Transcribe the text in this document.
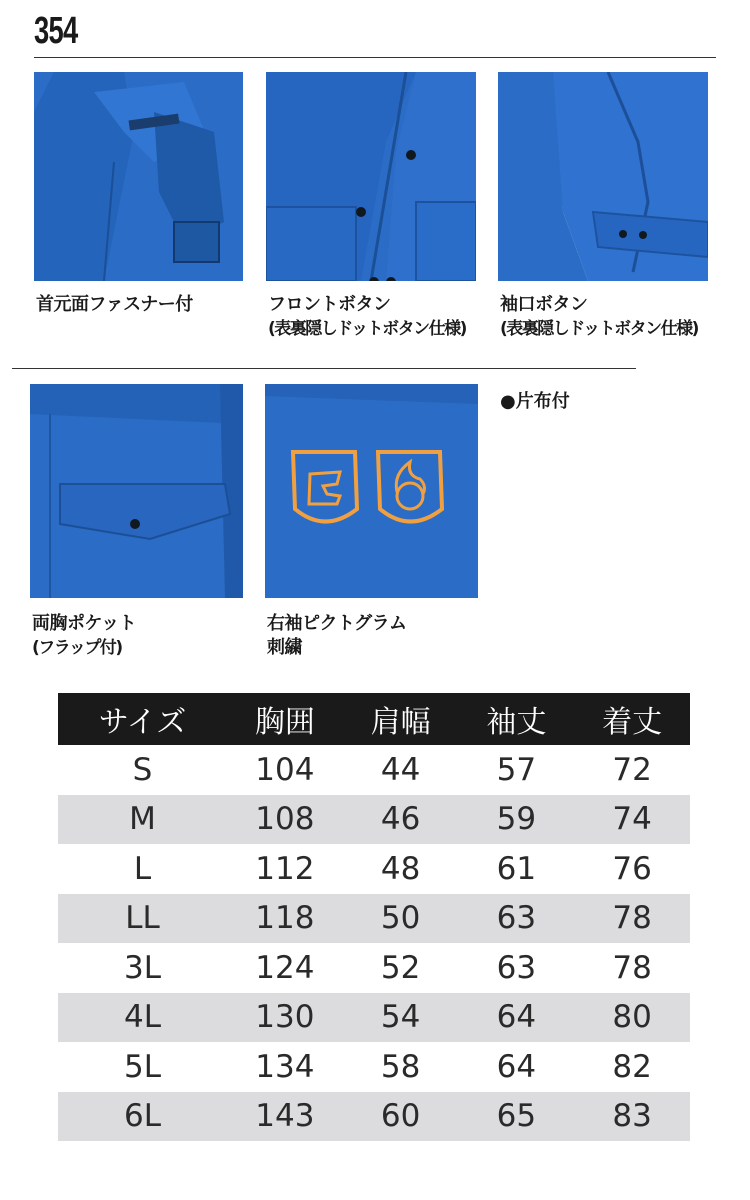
354
首元面ファスナー付	フロントボタン
(表裏隠しドットボタン仕様)
袖口ボタン
(表裏隠しドットボタン仕様)
両胸ポケット
(フラップ付)
右袖ピクトグラム
刺繍
●片布付
サイズ	胸囲	肩幅	袖丈	着丈
S	104	44	57	72
M	108	46	59	74
L	112	48	61	76
LL	118	50	63	78
3L	124	52	63	78
4L	130	54	64	80
5L	134	58	64	82
6L	143	60	65	83
